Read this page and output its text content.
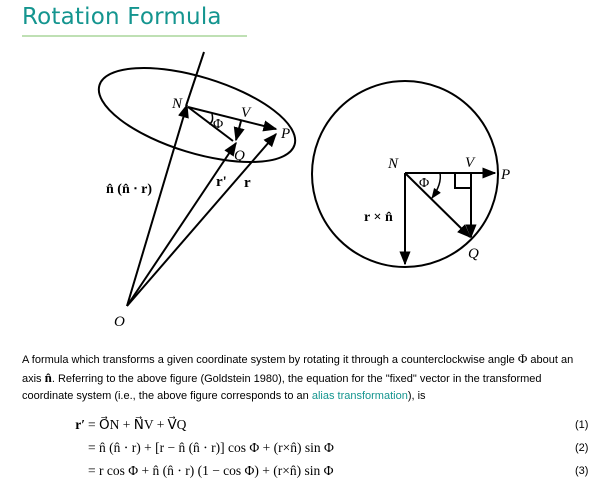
Rotation Formula
N
V
Φ
P
Q
n̂ (n̂ ⋅ r)	r' r
O
N	V
P
Φ
r × n̂
Q
A formula which transforms a given coordinate system by rotating it through a counterclockwise angle Φ about an axis n̂. Referring to the above figure (Goldstein 1980), the equation for the "fixed" vector in the transformed coordinate system (i.e., the above figure corresponds to an alias transformation), is
r′ = O⃗N + N⃗V + V⃗Q	(1)
= n̂ (n̂ ⋅ r) + [r − n̂ (n̂ ⋅ r)] cos Φ + (r×n̂) sin Φ	(2)
= r cos Φ + n̂ (n̂ ⋅ r) (1 − cos Φ) + (r×n̂) sin Φ	(3)
